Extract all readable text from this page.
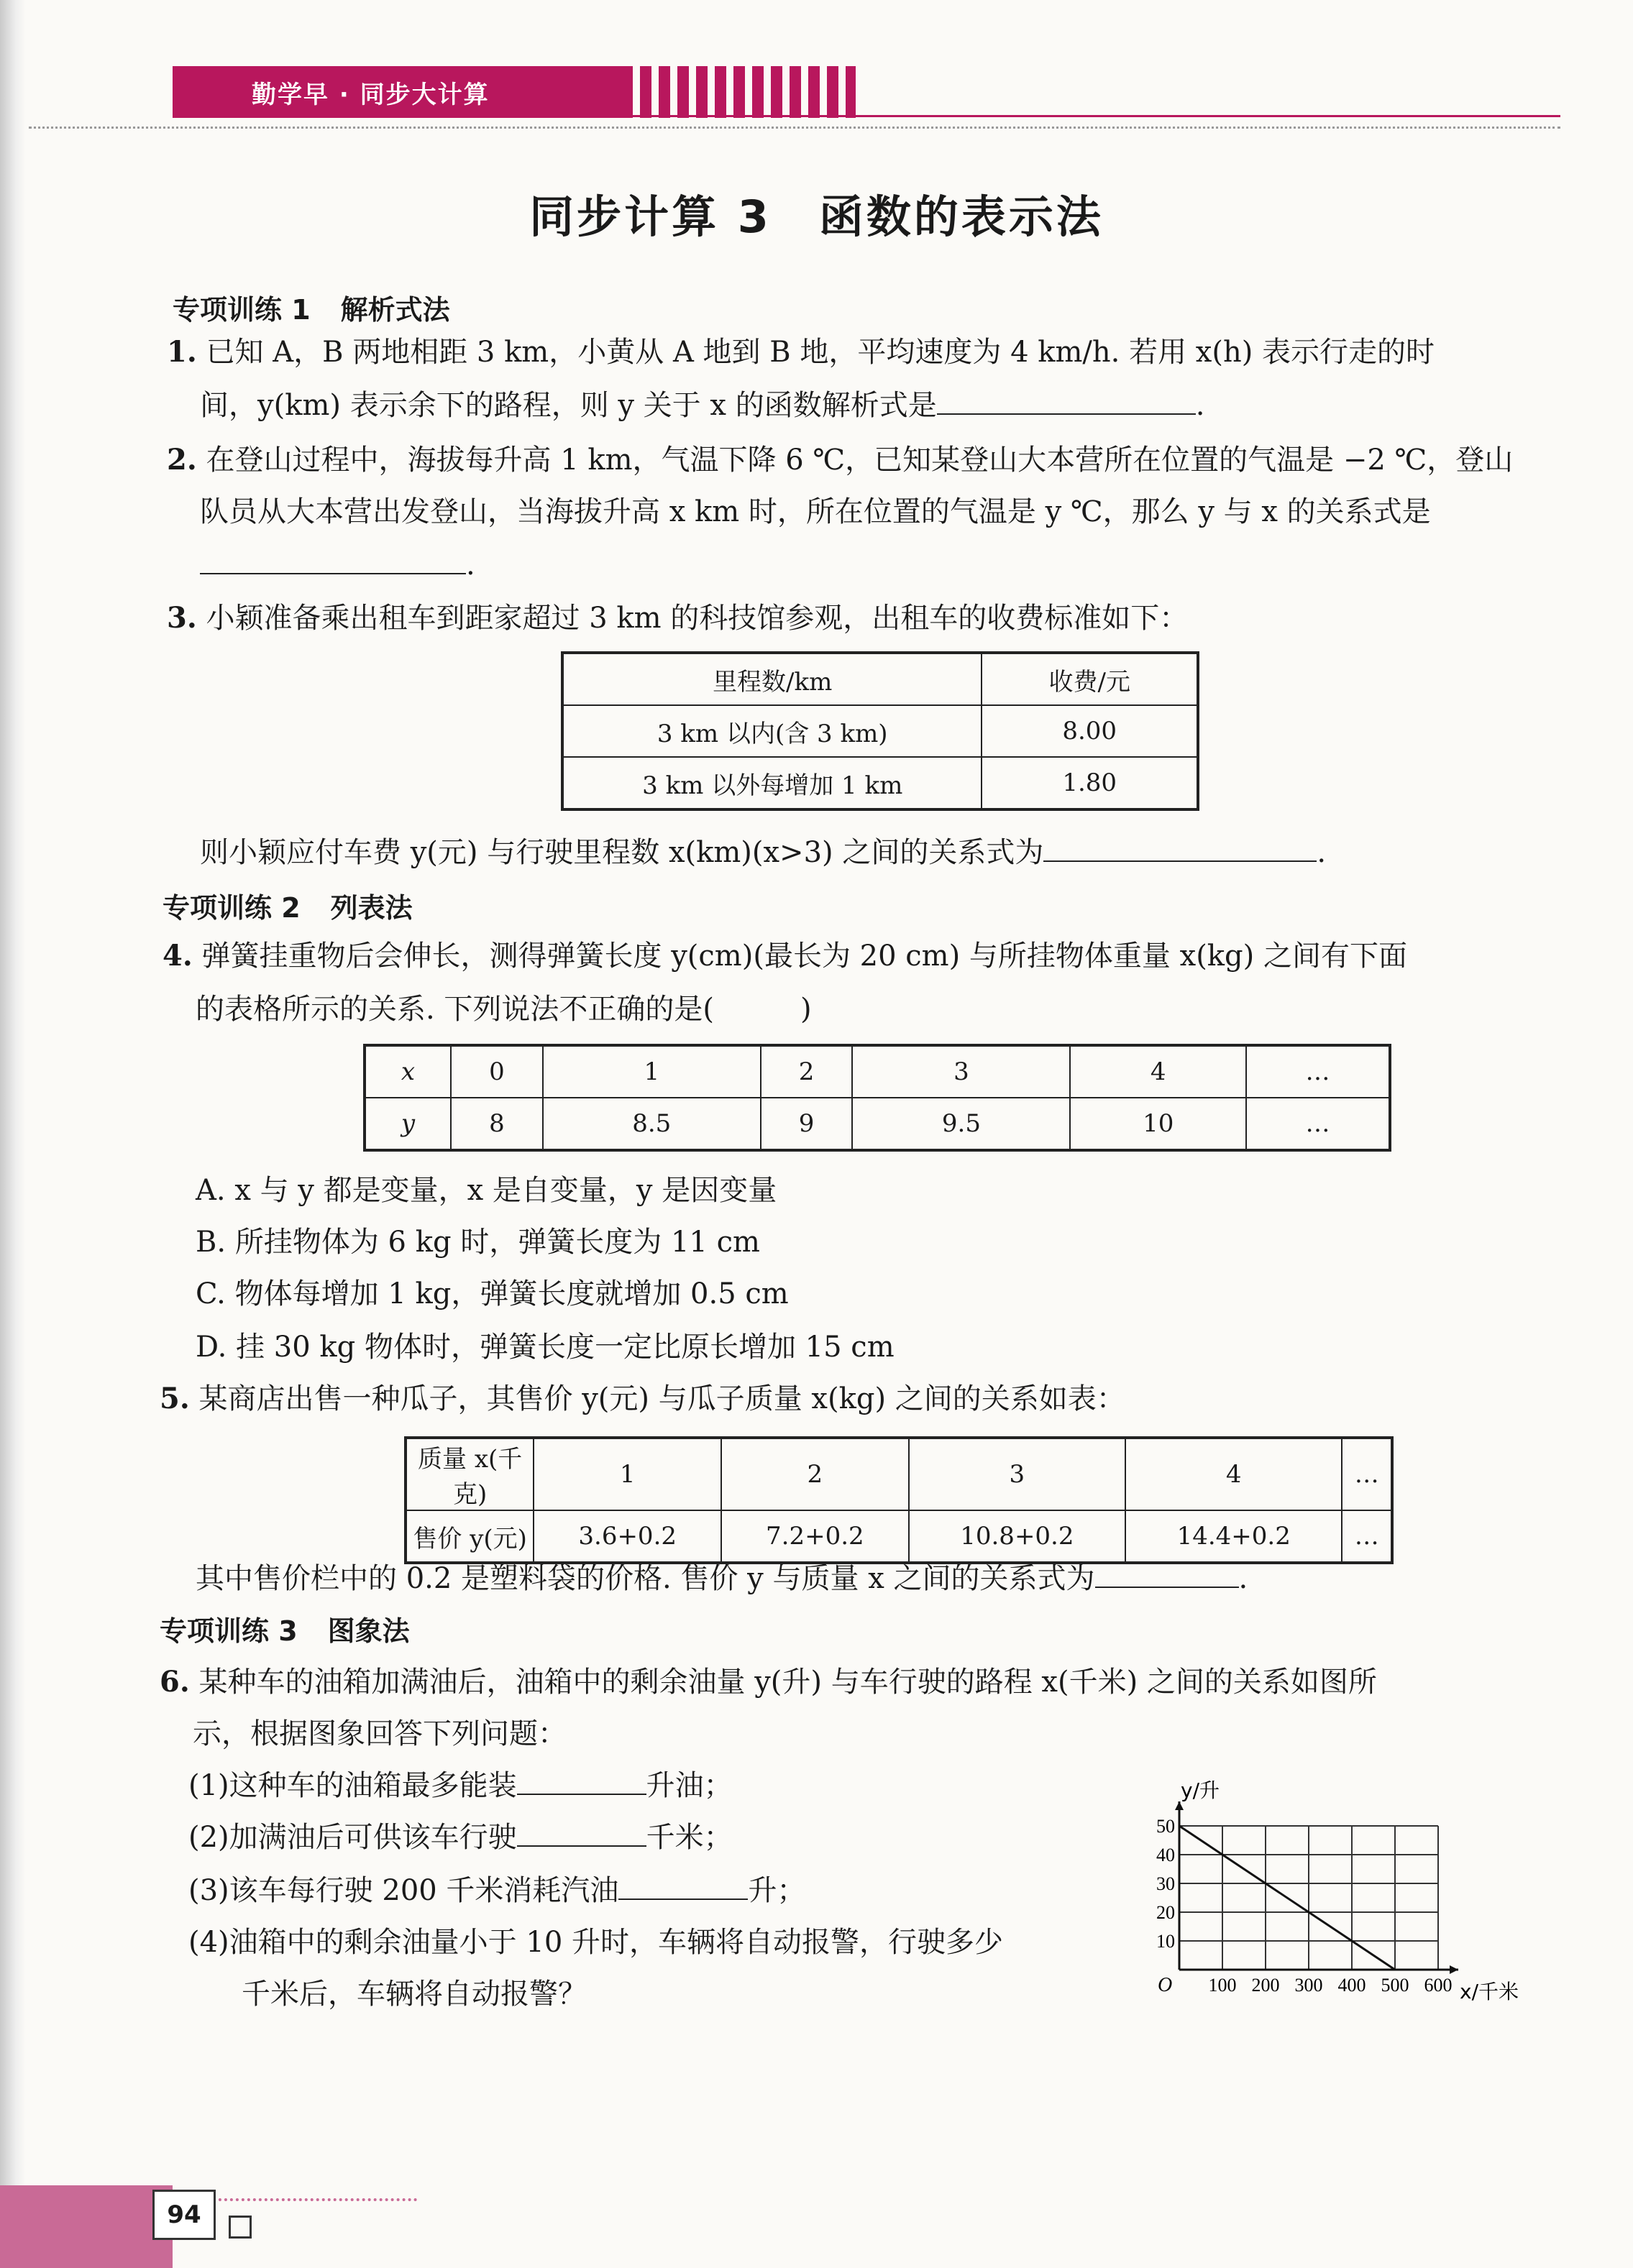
勤学早 · 同步大计算
同步计算 3　函数的表示法
专项训练 1 解析式法
1. 已知 A，B 两地相距 3 km，小黄从 A 地到 B 地，平均速度为 4 km/h. 若用 x(h) 表示行走的时
间，y(km) 表示余下的路程，则 y 关于 x 的函数解析式是	.
2. 在登山过程中，海拔每升高 1 km，气温下降 6 ℃，已知某登山大本营所在位置的气温是 −2 ℃，登山
队员从大本营出发登山，当海拔升高 x km 时，所在位置的气温是 y ℃，那么 y 与 x 的关系式是
.
3. 小颖准备乘出租车到距家超过 3 km 的科技馆参观，出租车的收费标准如下：
里程数/km	收费/元
3 km 以内(含 3 km)	8.00
3 km 以外每增加 1 km	1.80
则小颖应付车费 y(元) 与行驶里程数 x(km)(x>3) 之间的关系式为	.
专项训练 2 列表法
4. 弹簧挂重物后会伸长，测得弹簧长度 y(cm)(最长为 20 cm) 与所挂物体重量 x(kg) 之间有下面
的表格所示的关系. 下列说法不正确的是(　　　)
x	0	1	2	3	4	…
y	8	8.5	9	9.5	10	…
A. x 与 y 都是变量，x 是自变量，y 是因变量
B. 所挂物体为 6 kg 时，弹簧长度为 11 cm
C. 物体每增加 1 kg，弹簧长度就增加 0.5 cm
D. 挂 30 kg 物体时，弹簧长度一定比原长增加 15 cm
5. 某商店出售一种瓜子，其售价 y(元) 与瓜子质量 x(kg) 之间的关系如表：
质量 x(千克)	1	2	3	4	…
售价 y(元)	3.6+0.2	7.2+0.2	10.8+0.2	14.4+0.2	…
其中售价栏中的 0.2 是塑料袋的价格. 售价 y 与质量 x 之间的关系式为	.
专项训练 3 图象法
6. 某种车的油箱加满油后，油箱中的剩余油量 y(升) 与车行驶的路程 x(千米) 之间的关系如图所
示，根据图象回答下列问题：
(1)这种车的油箱最多能装	升油；
(2)加满油后可供该车行驶	千米；
(3)该车每行驶 200 千米消耗汽油	升；
(4)油箱中的剩余油量小于 10 升时，车辆将自动报警，行驶多少
千米后，车辆将自动报警？	100 200 300 400 500 600
10
20
30
40
50
O
y/升
x/千米
94
